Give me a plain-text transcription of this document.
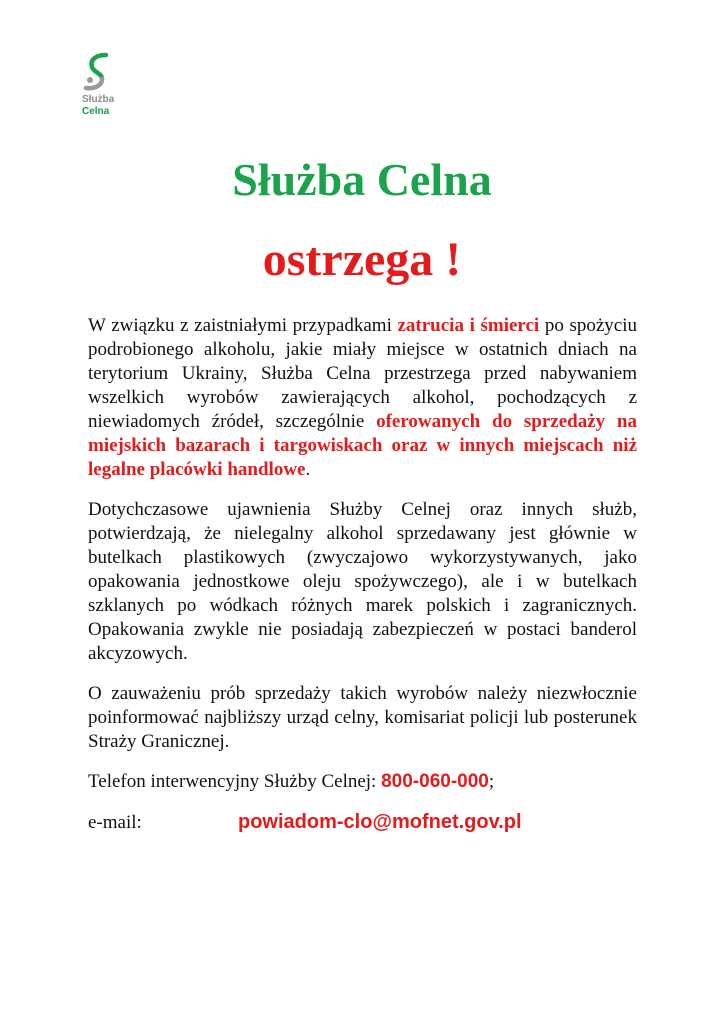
Służba
Celna
Służba Celna
ostrzega !

W związku z zaistniałymi przypadkami zatrucia i śmierci po spożyciu podrobionego alkoholu, jakie miały miejsce w ostatnich dniach na terytorium Ukrainy, Służba Celna przestrzega przed nabywaniem wszelkich wyrobów zawierających alkohol, pochodzących z niewiadomych źródeł, szczególnie oferowanych do sprzedaży na miejskich bazarach i targowiskach oraz w innych miejscach niż legalne placówki handlowe.

Dotychczasowe ujawnienia Służby Celnej oraz innych służb, potwierdzają, że nielegalny alkohol sprzedawany jest głównie w butelkach plastikowych (zwyczajowo wykorzystywanych, jako opakowania jednostkowe oleju spożywczego), ale i w butelkach szklanych po wódkach różnych marek polskich i zagranicznych. Opakowania zwykle nie posiadają zabezpieczeń w postaci banderol akcyzowych.

O zauważeniu prób sprzedaży takich wyrobów należy niezwłocznie poinformować najbliższy urząd celny, komisariat policji lub posterunek Straży Granicznej.

Telefon interwencyjny Służby Celnej: 800-060-000;

e-mail:	powiadom-clo@mofnet.gov.pl
